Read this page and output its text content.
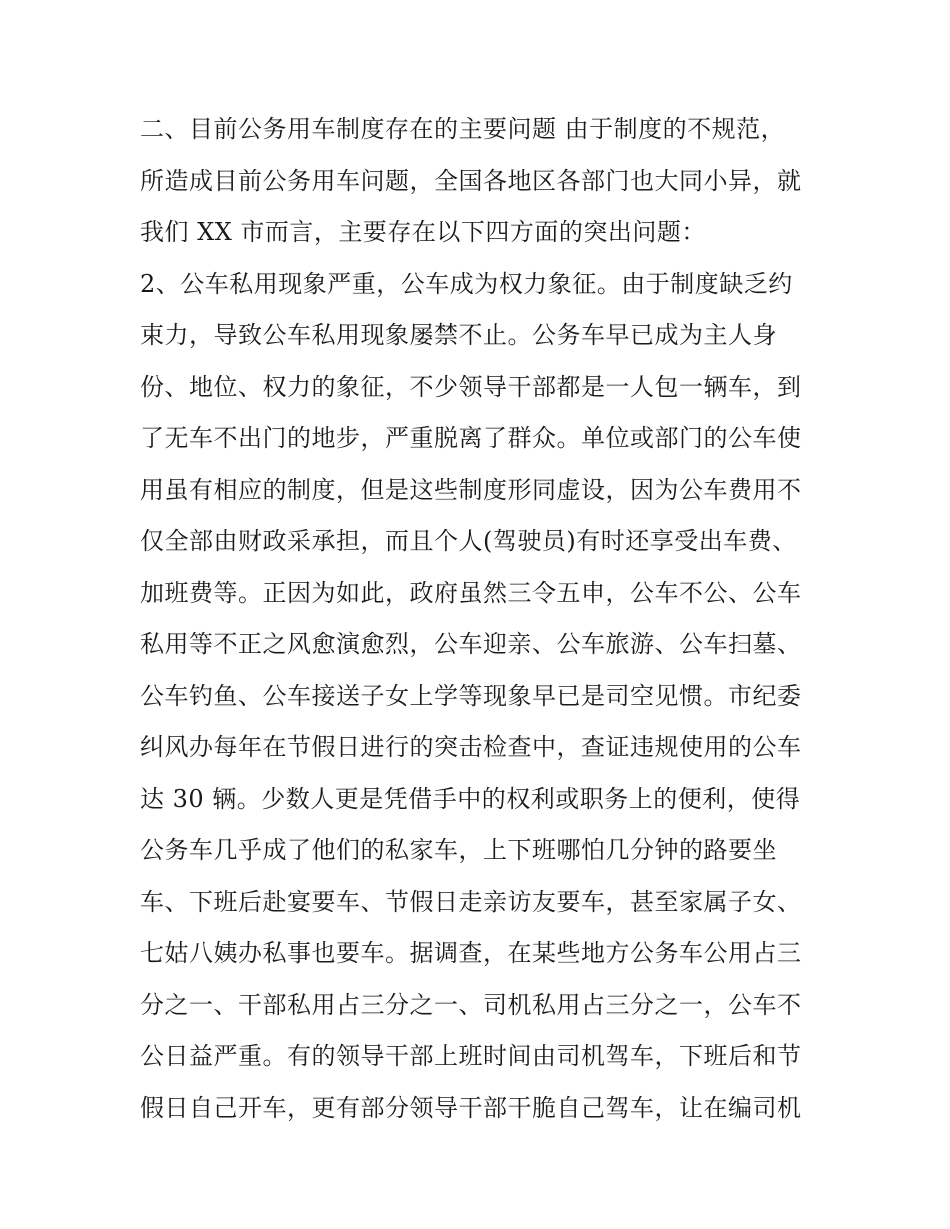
二、目前公务用车制度存在的主要问题 由于制度的不规范，
所造成目前公务用车问题，全国各地区各部门也大同小异，就
我们 XX 市而言，主要存在以下四方面的突出问题：
2、公车私用现象严重，公车成为权力象征。由于制度缺乏约
束力，导致公车私用现象屡禁不止。公务车早已成为主人身
份、地位、权力的象征，不少领导干部都是一人包一辆车，到
了无车不出门的地步，严重脱离了群众。单位或部门的公车使
用虽有相应的制度，但是这些制度形同虚设，因为公车费用不
仅全部由财政采承担，而且个人(驾驶员)有时还享受出车费、
加班费等。正因为如此，政府虽然三令五申，公车不公、公车
私用等不正之风愈演愈烈，公车迎亲、公车旅游、公车扫墓、
公车钓鱼、公车接送子女上学等现象早已是司空见惯。市纪委
纠风办每年在节假日进行的突击检查中，查证违规使用的公车
达 30 辆。少数人更是凭借手中的权利或职务上的便利，使得
公务车几乎成了他们的私家车，上下班哪怕几分钟的路要坐
车、下班后赴宴要车、节假日走亲访友要车，甚至家属子女、
七姑八姨办私事也要车。据调查，在某些地方公务车公用占三
分之一、干部私用占三分之一、司机私用占三分之一，公车不
公日益严重。有的领导干部上班时间由司机驾车，下班后和节
假日自己开车，更有部分领导干部干脆自己驾车，让在编司机
